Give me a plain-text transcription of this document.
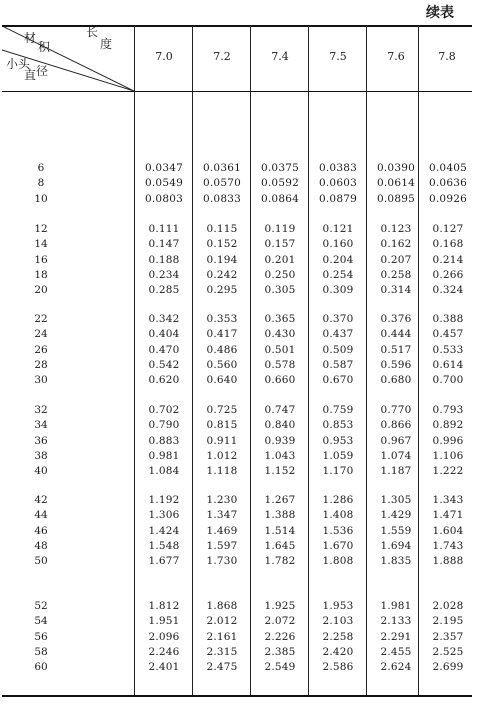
续表
材
积
长
度
小头
直 径
7.0	7.2	7.4	7.5	7.6	7.8
6	0.0347	0.0361	0.0375	0.0383	0.0390	0.0405
8	0.0549	0.0570	0.0592	0.0603	0.0614	0.0636
10	0.0803	0.0833	0.0864	0.0879	0.0895	0.0926
12	0.111	0.115	0.119	0.121	0.123	0.127
14	0.147	0.152	0.157	0.160	0.162	0.168
16	0.188	0.194	0.201	0.204	0.207	0.214
18	0.234	0.242	0.250	0.254	0.258	0.266
20	0.285	0.295	0.305	0.309	0.314	0.324
22	0.342	0.353	0.365	0.370	0.376	0.388
24	0.404	0.417	0.430	0.437	0.444	0.457
26	0.470	0.486	0.501	0.509	0.517	0.533
28	0.542	0.560	0.578	0.587	0.596	0.614
30	0.620	0.640	0.660	0.670	0.680	0.700
32	0.702	0.725	0.747	0.759	0.770	0.793
34	0.790	0.815	0.840	0.853	0.866	0.892
36	0.883	0.911	0.939	0.953	0.967	0.996
38	0.981	1.012	1.043	1.059	1.074	1.106
40	1.084	1.118	1.152	1.170	1.187	1.222
42	1.192	1.230	1.267	1.286	1.305	1.343
44	1.306	1.347	1.388	1.408	1.429	1.471
46	1.424	1.469	1.514	1.536	1.559	1.604
48	1.548	1.597	1.645	1.670	1.694	1.743
50	1.677	1.730	1.782	1.808	1.835	1.888
52	1.812	1.868	1.925	1.953	1.981	2.028
54	1.951	2.012	2.072	2.103	2.133	2.195
56	2.096	2.161	2.226	2.258	2.291	2.357
58	2.246	2.315	2.385	2.420	2.455	2.525
60	2.401	2.475	2.549	2.586	2.624	2.699
